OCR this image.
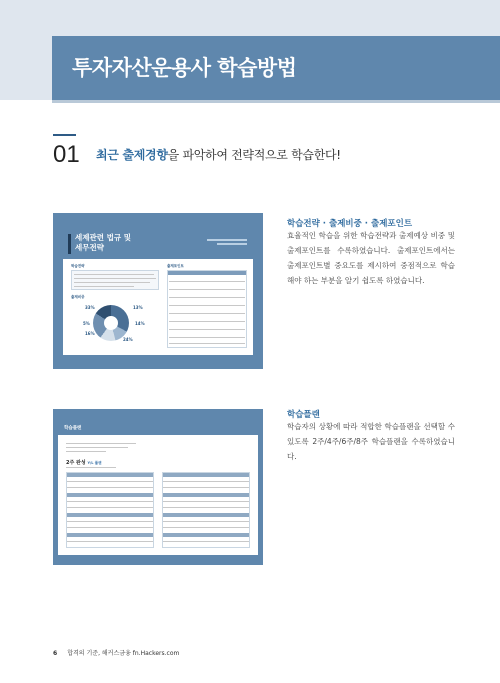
투자자산운용사 학습방법
01 최근 출제경향을 파악하여 전략적으로 학습한다!
세제관련 법규 및
세무전략
학습전략
출제비중
33%	13%
14%
5%
16%
24%
출제포인트
학습전략 · 출제비중 · 출제포인트
효율적인 학습을 위한 학습전략과 출제예상 비중 및 출제포인트를 수록하였습니다. 출제포인트에서는 출제포인트별 중요도를 제시하여 중점적으로 학습해야 하는 부분을 알기 쉽도록 하였습니다.
학습플랜
2주 완성 Y/L 플랜
학습플랜
학습자의 상황에 따라 적합한 학습플랜을 선택할 수 있도록 2주/4주/6주/8주 학습플랜을 수록하였습니다.
6 합격의 기준, 해커스금융 fn.Hackers.com
